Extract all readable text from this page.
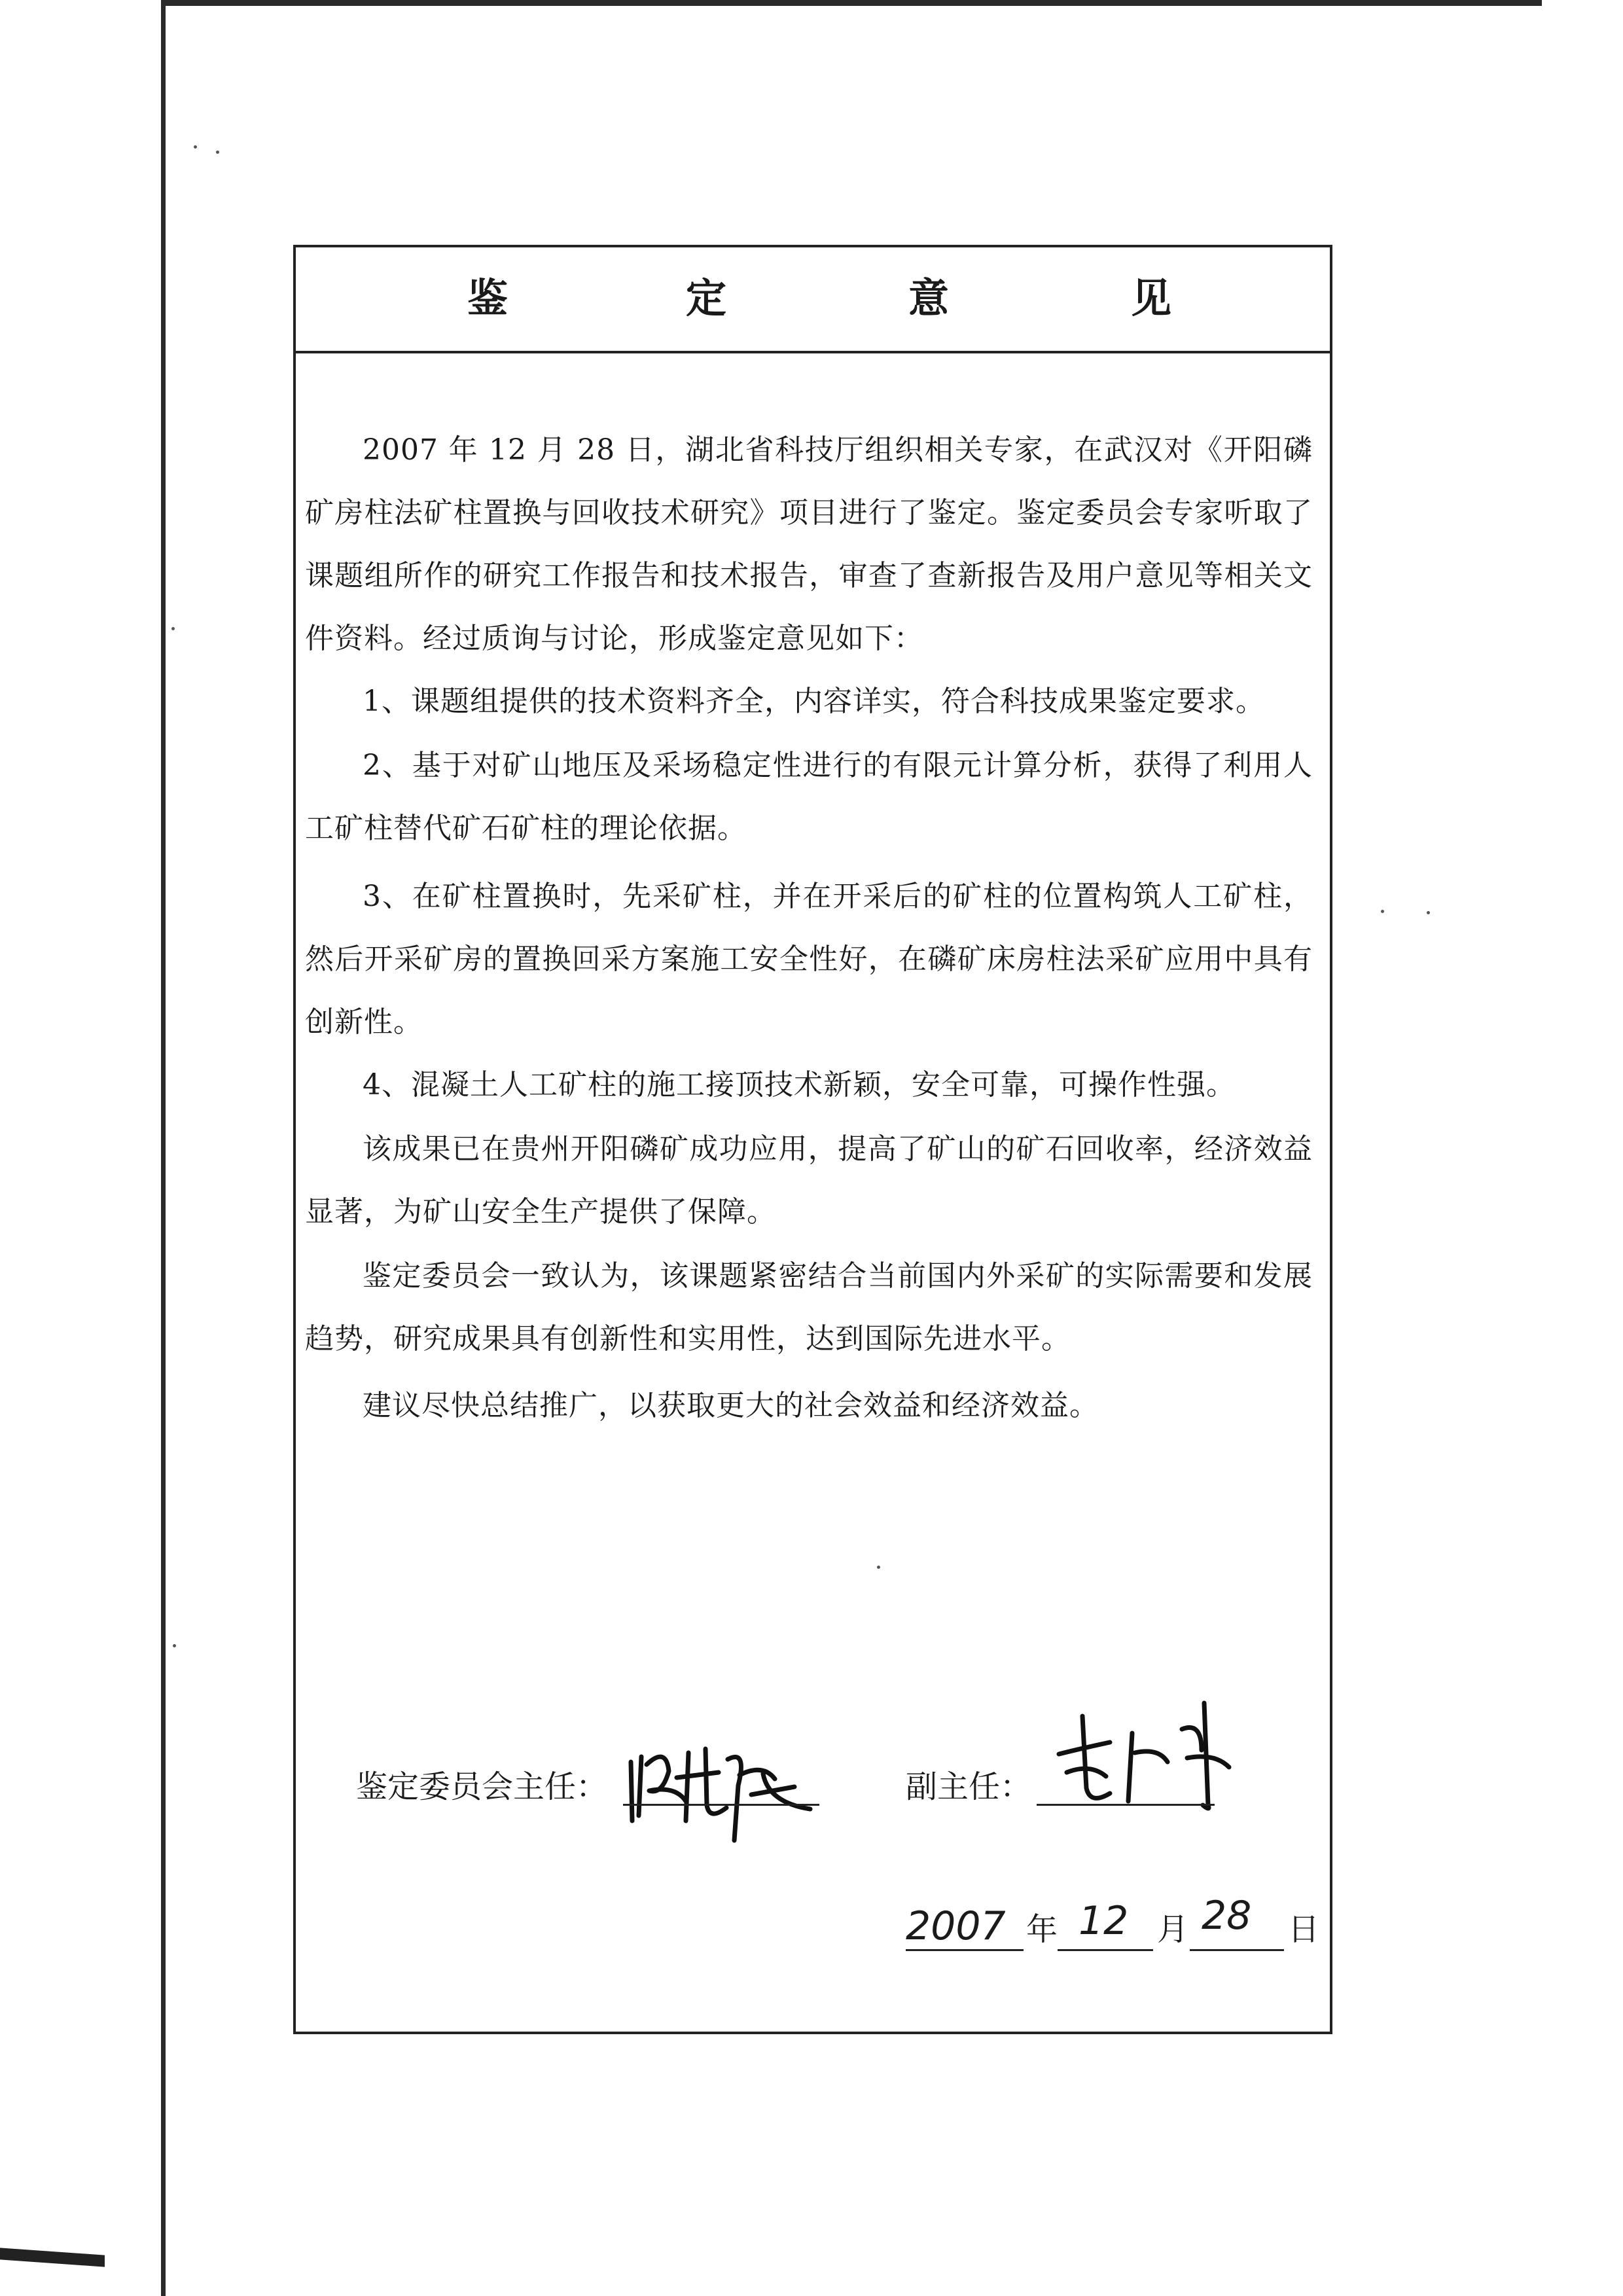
鉴	定	意	见

2007 年 12 月 28 日，湖北省科技厅组织相关专家，在武汉对《开阳磷矿房柱法矿柱置换与回收技术研究》项目进行了鉴定。鉴定委员会专家听取了课题组所作的研究工作报告和技术报告，审查了查新报告及用户意见等相关文件资料。经过质询与讨论，形成鉴定意见如下：

1、课题组提供的技术资料齐全，内容详实，符合科技成果鉴定要求。

2、基于对矿山地压及采场稳定性进行的有限元计算分析，获得了利用人工矿柱替代矿石矿柱的理论依据。

3、在矿柱置换时，先采矿柱，并在开采后的矿柱的位置构筑人工矿柱，然后开采矿房的置换回采方案施工安全性好，在磷矿床房柱法采矿应用中具有创新性。

4、混凝土人工矿柱的施工接顶技术新颖，安全可靠，可操作性强。

该成果已在贵州开阳磷矿成功应用，提高了矿山的矿石回收率，经济效益显著，为矿山安全生产提供了保障。

鉴定委员会一致认为，该课题紧密结合当前国内外采矿的实际需要和发展趋势，研究成果具有创新性和实用性，达到国际先进水平。

建议尽快总结推广，以获取更大的社会效益和经济效益。

鉴定委员会主任：	副主任：
2007 年 12 月 28 日
